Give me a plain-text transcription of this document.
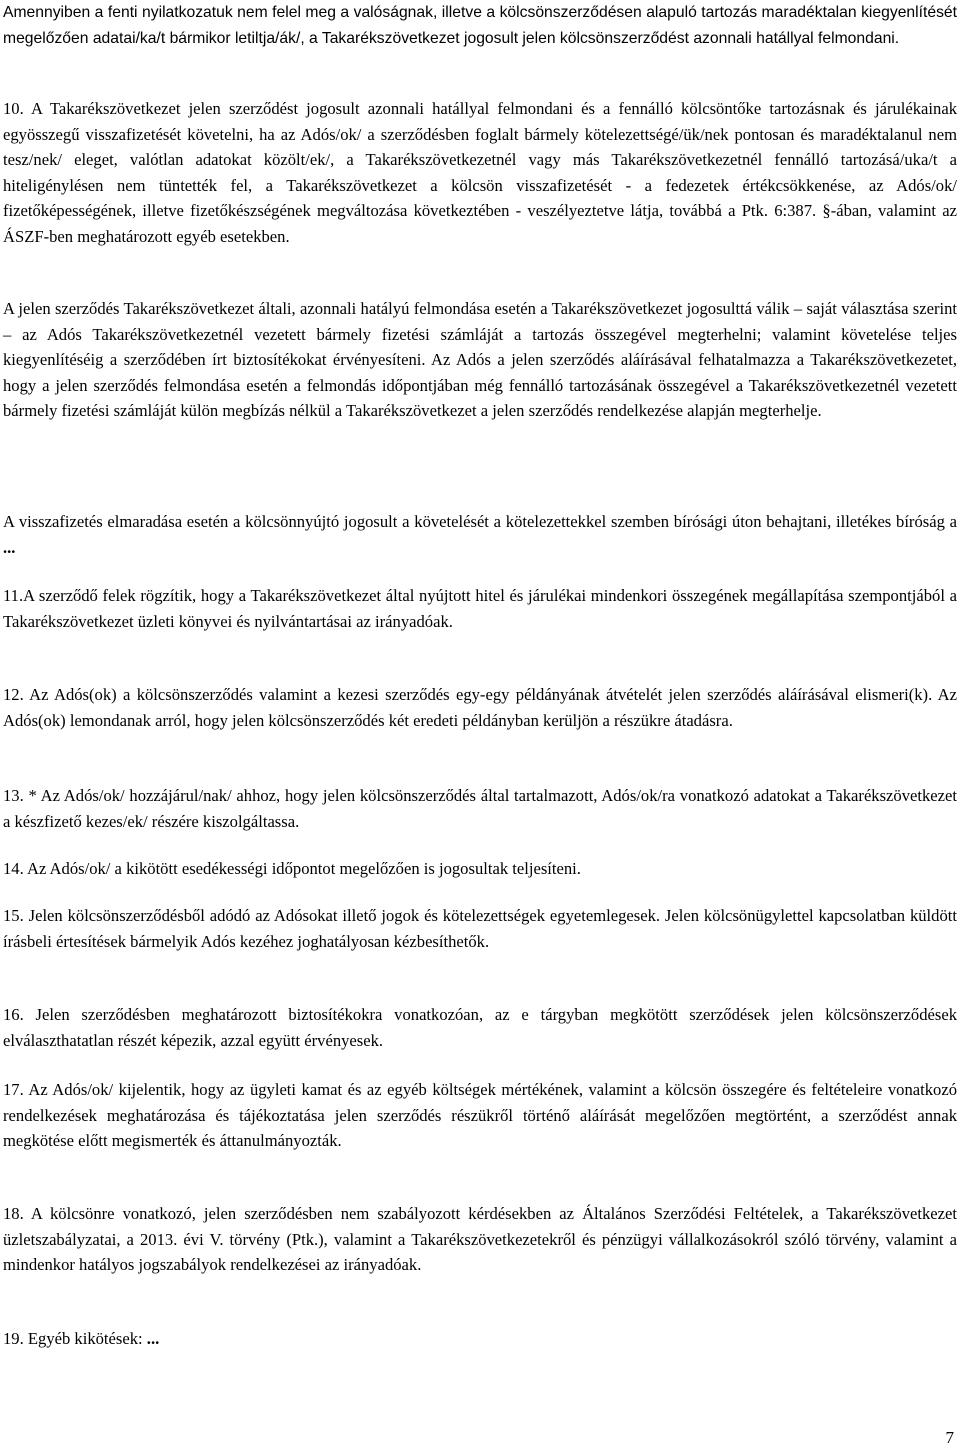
Amennyiben a fenti nyilatkozatuk nem felel meg a valóságnak, illetve a kölcsönszerződésen alapuló tartozás maradéktalan kiegyenlítését megelőzően adatai/ka/t bármikor letiltja/ák/, a Takarékszövetkezet jogosult jelen kölcsönszerződést azonnali hatállyal felmondani.

10. A Takarékszövetkezet jelen szerződést jogosult azonnali hatállyal felmondani és a fennálló kölcsöntőke tartozásnak és járulékainak egyösszegű visszafizetését követelni, ha az Adós/ok/ a szerződésben foglalt bármely kötelezettségé/ük/nek pontosan és maradéktalanul nem tesz/nek/ eleget, valótlan adatokat közölt/ek/, a Takarékszövetkezetnél vagy más Takarékszövetkezetnél fennálló tartozásá/uka/t a hiteligénylésen nem tüntették fel, a Takarékszövetkezet a kölcsön visszafizetését - a fedezetek értékcsökkenése, az Adós/ok/ fizetőképességének, illetve fizetőkészségének megváltozása következtében - veszélyeztetve látja, továbbá a Ptk. 6:387. §-ában, valamint az ÁSZF-ben meghatározott egyéb esetekben.

A jelen szerződés Takarékszövetkezet általi, azonnali hatályú felmondása esetén a Takarékszövetkezet jogosulttá válik ‒ saját választása szerint ‒ az Adós Takarékszövetkezetnél vezetett bármely fizetési számláját a tartozás összegével megterhelni; valamint követelése teljes kiegyenlítéséig a szerződében írt biztosítékokat érvényesíteni. Az Adós a jelen szerződés aláírásával felhatalmazza a Takarékszövetkezetet, hogy a jelen szerződés felmondása esetén a felmondás időpontjában még fennálló tartozásának összegével a Takarékszövetkezetnél vezetett bármely fizetési számláját külön megbízás nélkül a Takarékszövetkezet a jelen szerződés rendelkezése alapján megterhelje.

A visszafizetés elmaradása esetén a kölcsönnyújtó jogosult a követelését a kötelezettekkel szemben bírósági úton behajtani, illetékes bíróság a ...

11.A szerződő felek rögzítik, hogy a Takarékszövetkezet által nyújtott hitel és járulékai mindenkori összegének megállapítása szempontjából a Takarékszövetkezet üzleti könyvei és nyilvántartásai az irányadóak.

12. Az Adós(ok) a kölcsönszerződés valamint a kezesi szerződés egy-egy példányának átvételét jelen szerződés aláírásával elismeri(k). Az Adós(ok) lemondanak arról, hogy jelen kölcsönszerződés két eredeti példányban kerüljön a részükre átadásra.

13. * Az Adós/ok/ hozzájárul/nak/ ahhoz, hogy jelen kölcsönszerződés által tartalmazott, Adós/ok/ra vonatkozó adatokat a Takarékszövetkezet a készfizető kezes/ek/ részére kiszolgáltassa.

14. Az Adós/ok/ a kikötött esedékességi időpontot megelőzően is jogosultak teljesíteni.

15. Jelen kölcsönszerződésből adódó az Adósokat illető jogok és kötelezettségek egyetemlegesek. Jelen kölcsönügylettel kapcsolatban küldött írásbeli értesítések bármelyik Adós kezéhez joghatályosan kézbesíthetők.

16. Jelen szerződésben meghatározott biztosítékokra vonatkozóan, az e tárgyban megkötött szerződések jelen kölcsönszerződések elválaszthatatlan részét képezik, azzal együtt érvényesek.

17. Az Adós/ok/ kijelentik, hogy az ügyleti kamat és az egyéb költségek mértékének, valamint a kölcsön összegére és feltételeire vonatkozó rendelkezések meghatározása és tájékoztatása jelen szerződés részükről történő aláírását megelőzően megtörtént, a szerződést annak megkötése előtt megismerték és áttanulmányozták.

18. A kölcsönre vonatkozó, jelen szerződésben nem szabályozott kérdésekben az Általános Szerződési Feltételek, a Takarékszövetkezet üzletszabályzatai, a 2013. évi V. törvény (Ptk.), valamint a Takarékszövetkezetekről és pénzügyi vállalkozásokról szóló törvény, valamint a mindenkor hatályos jogszabályok rendelkezései az irányadóak.

19. Egyéb kikötések: ...

7
